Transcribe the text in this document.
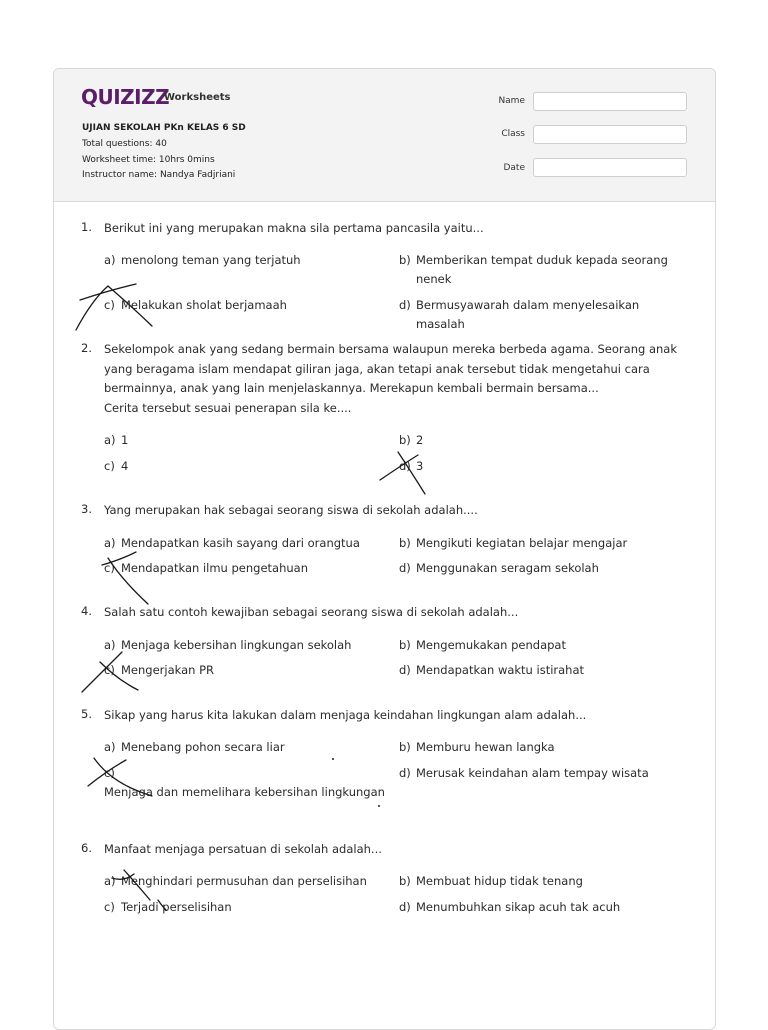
QUIZIZZ
Worksheets
UJIAN SEKOLAH PKn KELAS 6 SD
Total questions: 40
Worksheet time: 10hrs 0mins
Instructor name: Nandya Fadjriani
Name
Class
Date
1. Berikut ini yang merupakan makna sila pertama pancasila yaitu...
a) menolong teman yang terjatuh	b) Memberikan tempat duduk kepada seorang nenek
c) Melakukan sholat berjamaah	d) Bermusyawarah dalam menyelesaikan masalah
2. Sekelompok anak yang sedang bermain bersama walaupun mereka berbeda agama. Seorang anak yang beragama islam mendapat giliran jaga, akan tetapi anak tersebut tidak mengetahui cara bermainnya, anak yang lain menjelaskannya. Merekapun kembali bermain bersama...
Cerita tersebut sesuai penerapan sila ke....
a) 1	b) 2
c) 4	d) 3
3. Yang merupakan hak sebagai seorang siswa di sekolah adalah....
a) Mendapatkan kasih sayang dari orangtua	b) Mengikuti kegiatan belajar mengajar
c) Mendapatkan ilmu pengetahuan	d) Menggunakan seragam sekolah
4. Salah satu contoh kewajiban sebagai seorang siswa di sekolah adalah...
a) Menjaga kebersihan lingkungan sekolah	b) Mengemukakan pendapat
c) Mengerjakan PR	d) Mendapatkan waktu istirahat
5. Sikap yang harus kita lakukan dalam menjaga keindahan lingkungan alam adalah...
a) Menebang pohon secara liar	b) Memburu hewan langka
c)Menjaga dan memelihara kebersihan lingkungan
d) Merusak keindahan alam tempay wisata
6. Manfaat menjaga persatuan di sekolah adalah...
a) Menghindari permusuhan dan perselisihan	b) Membuat hidup tidak tenang
c) Terjadi perselisihan	d) Menumbuhkan sikap acuh tak acuh
